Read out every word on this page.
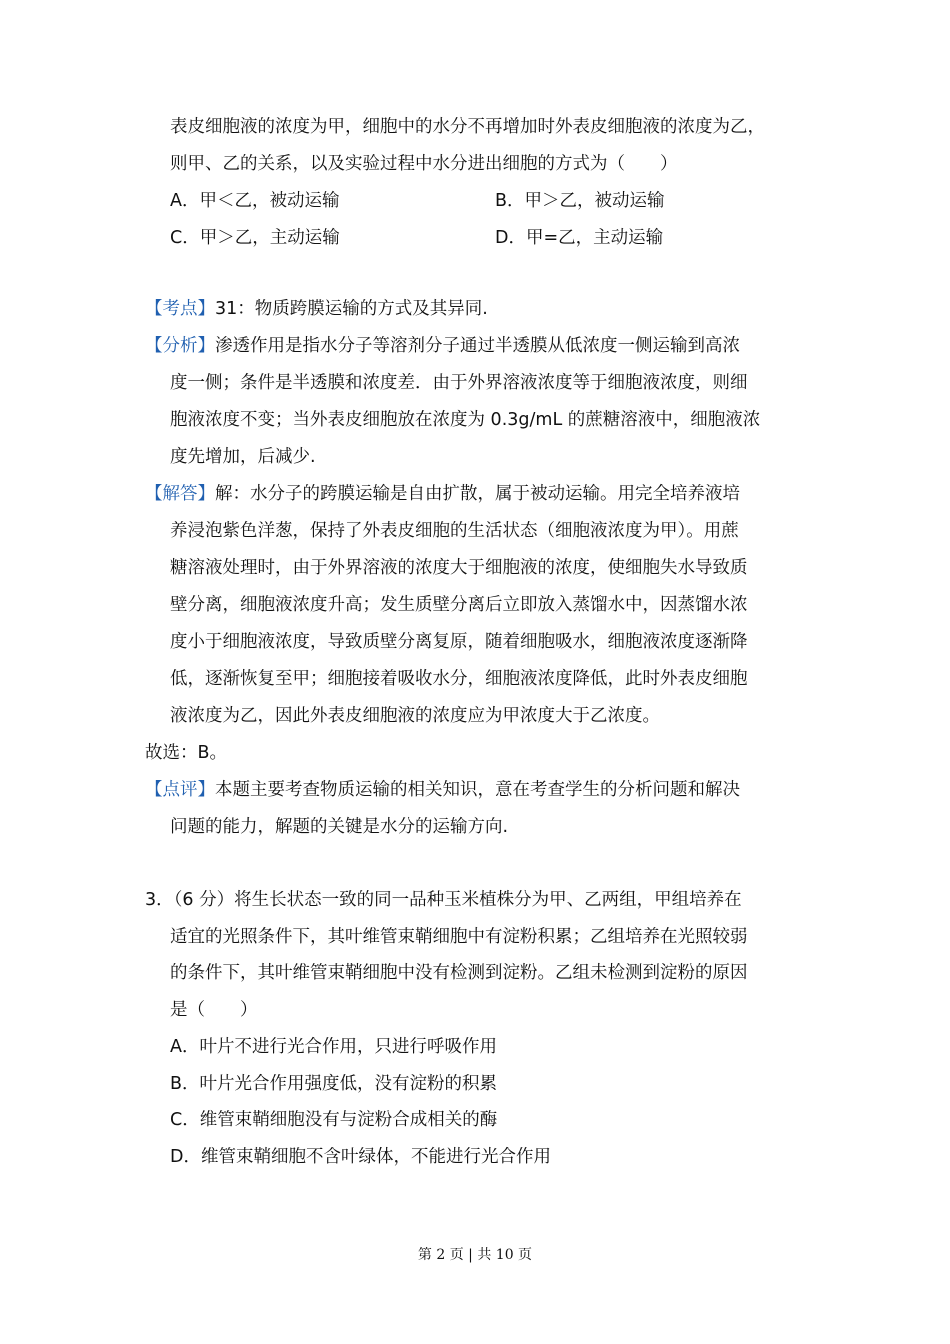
表皮细胞液的浓度为甲，细胞中的水分不再增加时外表皮细胞液的浓度为乙，
则甲、乙的关系，以及实验过程中水分进出细胞的方式为（　　）
A．甲＜乙，被动运输	B．甲＞乙，被动运输
C．甲＞乙，主动运输	D．甲=乙，主动运输
【考点】31：物质跨膜运输的方式及其异同.
【分析】渗透作用是指水分子等溶剂分子通过半透膜从低浓度一侧运输到高浓
度一侧；条件是半透膜和浓度差．由于外界溶液浓度等于细胞液浓度，则细
胞液浓度不变；当外表皮细胞放在浓度为 0.3g/mL 的蔗糖溶液中，细胞液浓
度先增加，后减少.
【解答】解：水分子的跨膜运输是自由扩散，属于被动运输。用完全培养液培
养浸泡紫色洋葱，保持了外表皮细胞的生活状态（细胞液浓度为甲）。用蔗
糖溶液处理时，由于外界溶液的浓度大于细胞液的浓度，使细胞失水导致质
壁分离，细胞液浓度升高；发生质壁分离后立即放入蒸馏水中，因蒸馏水浓
度小于细胞液浓度，导致质壁分离复原，随着细胞吸水，细胞液浓度逐渐降
低，逐渐恢复至甲；细胞接着吸收水分，细胞液浓度降低，此时外表皮细胞
液浓度为乙，因此外表皮细胞液的浓度应为甲浓度大于乙浓度。
故选：B。
【点评】本题主要考查物质运输的相关知识，意在考查学生的分析问题和解决
问题的能力，解题的关键是水分的运输方向.
3．（6 分）将生长状态一致的同一品种玉米植株分为甲、乙两组，甲组培养在
适宜的光照条件下，其叶维管束鞘细胞中有淀粉积累；乙组培养在光照较弱
的条件下，其叶维管束鞘细胞中没有检测到淀粉。乙组未检测到淀粉的原因
是（　　）
A．叶片不进行光合作用，只进行呼吸作用
B．叶片光合作用强度低，没有淀粉的积累
C．维管束鞘细胞没有与淀粉合成相关的酶
D．维管束鞘细胞不含叶绿体，不能进行光合作用
第 2 页 | 共 10 页
